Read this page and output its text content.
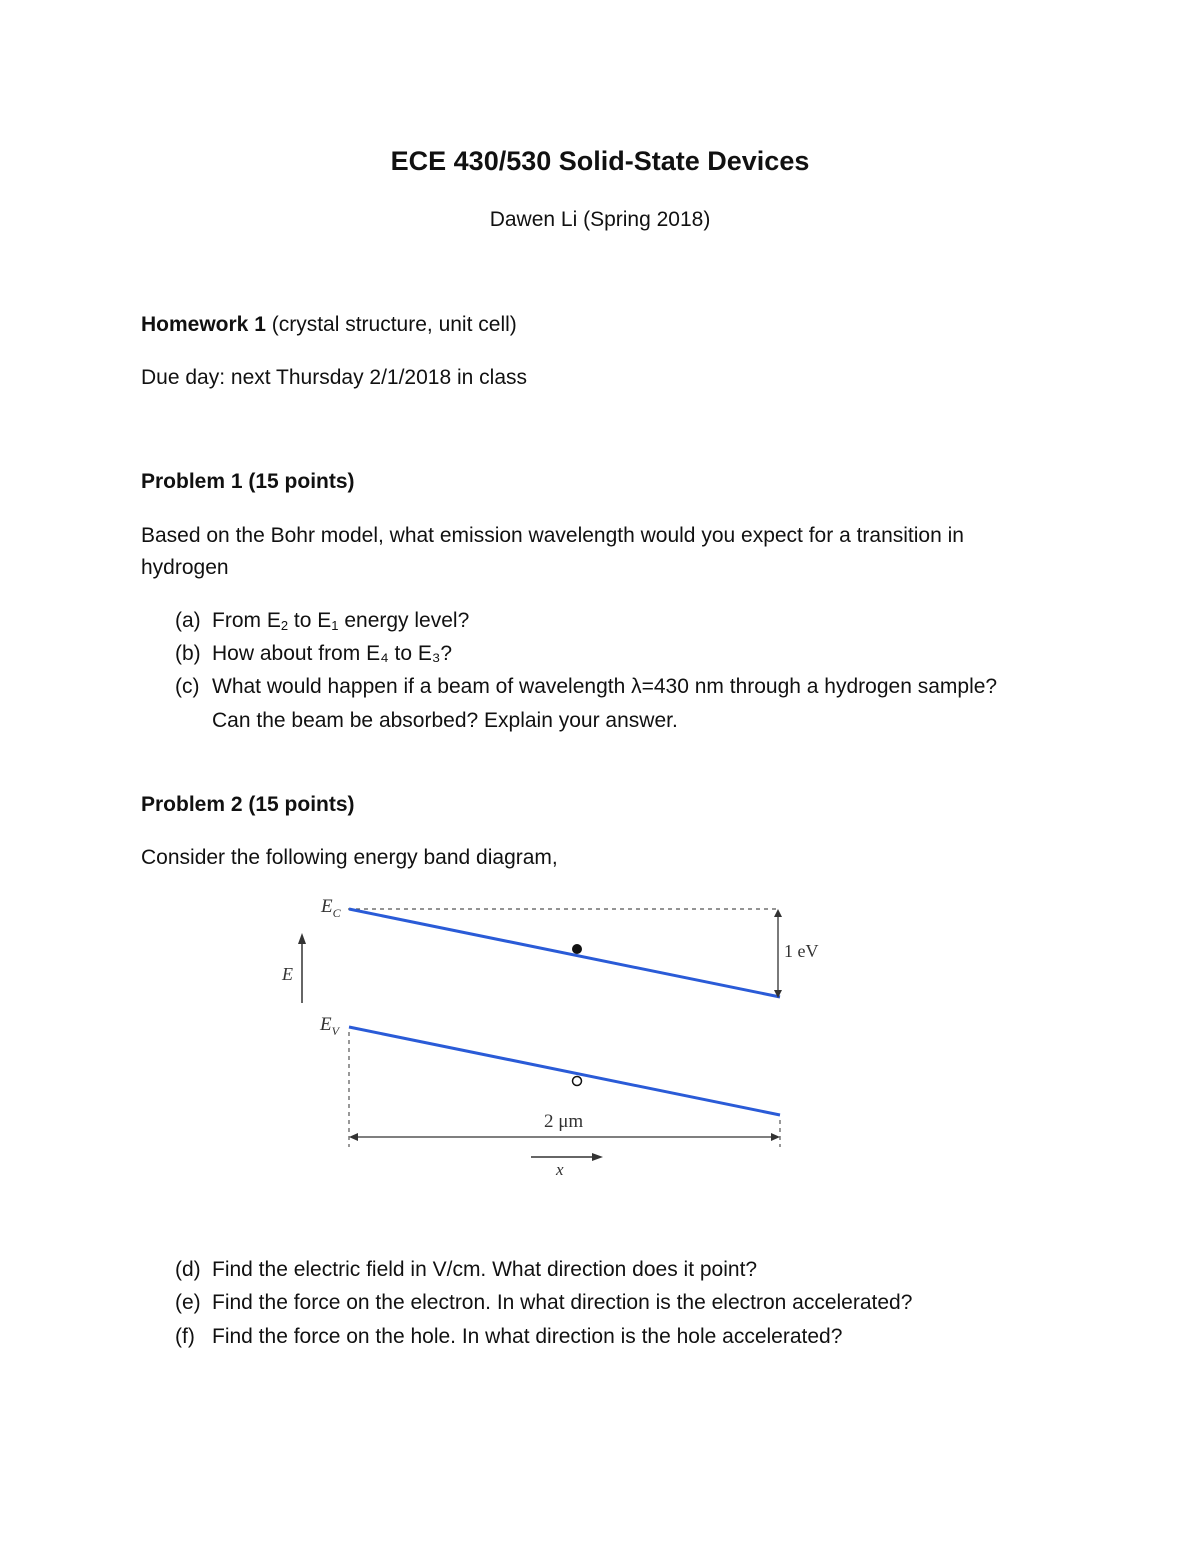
ECE 430/530 Solid-State Devices

Dawen Li (Spring 2018)

Homework 1 (crystal structure, unit cell)

Due day: next Thursday 2/1/2018 in class

Problem 1 (15 points)

Based on the Bohr model, what emission wavelength would you expect for a transition in

hydrogen

(a) From $E_2$ to $E_1$ energy level?
(b) How about from E₄ to E₃?
(c) What would happen if a beam of wavelength λ=430 nm through a hydrogen sample?
Can the beam be absorbed? Explain your answer.

Problem 2 (15 points)

Consider the following energy band diagram,

$E_C$
$E_V$
1 eV
E
2 μm
x
(d) Find the electric field in V/cm. What direction does it point?
(e) Find the force on the electron. In what direction is the electron accelerated?
(f) Find the force on the hole. In what direction is the hole accelerated?
